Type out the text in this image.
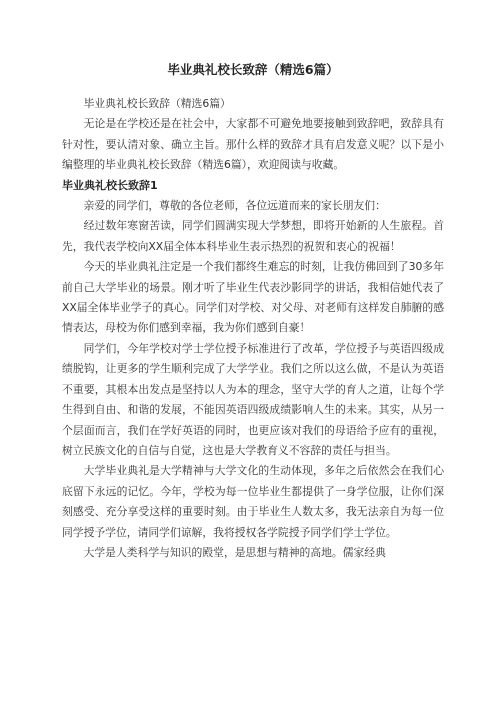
毕业典礼校长致辞（精选6篇）

毕业典礼校长致辞（精选6篇）

无论是在学校还是在社会中，大家都不可避免地要接触到致辞吧，致辞具有针对性，要认清对象、确立主旨。那什么样的致辞才具有启发意义呢？以下是小编整理的毕业典礼校长致辞（精选6篇），欢迎阅读与收藏。

毕业典礼校长致辞1

亲爱的同学们，尊敬的各位老师，各位远道而来的家长朋友们：

经过数年寒窗苦读，同学们圆满实现大学梦想，即将开始新的人生旅程。首先，我代表学校向XX届全体本科毕业生表示热烈的祝贺和衷心的祝福！

今天的毕业典礼注定是一个我们都终生难忘的时刻，让我仿佛回到了30多年前自己大学毕业的场景。刚才听了毕业生代表沙影同学的讲话，我相信她代表了XX届全体毕业学子的真心。同学们对学校、对父母、对老师有这样发自肺腑的感情表达，母校为你们感到幸福，我为你们感到自豪！

同学们，今年学校对学士学位授予标准进行了改革，学位授予与英语四级成绩脱钩，让更多的学生顺利完成了大学学业。我们之所以这么做，不是认为英语不重要，其根本出发点是坚持以人为本的理念，坚守大学的育人之道，让每个学生得到自由、和谐的发展，不能因英语四级成绩影响人生的未来。其实，从另一个层面而言，我们在学好英语的同时，也更应该对我们的母语给予应有的重视，树立民族文化的自信与自觉，这也是大学教育义不容辞的责任与担当。

大学毕业典礼是大学精神与大学文化的生动体现，多年之后依然会在我们心底留下永远的记忆。今年，学校为每一位毕业生都提供了一身学位服，让你们深刻感受、充分享受这样的重要时刻。由于毕业生人数太多，我无法亲自为每一位同学授予学位，请同学们谅解，我将授权各学院授予同学们学士学位。

大学是人类科学与知识的殿堂，是思想与精神的高地。儒家经典
